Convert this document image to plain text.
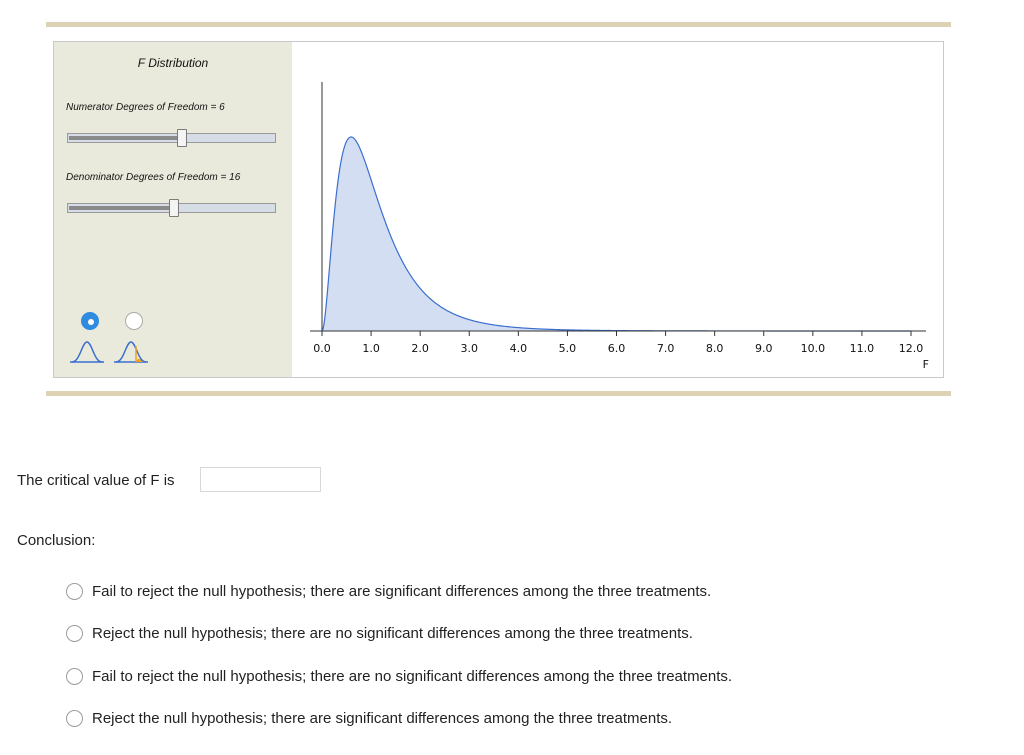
F Distribution
Numerator Degrees of Freedom = 6
Denominator Degrees of Freedom = 16
0.0	1.0	2.0	3.0	4.0	5.0	6.0	7.0	8.0	9.0	10.0 11.0 12.0
F
The critical value of F is
Conclusion:
Fail to reject the null hypothesis; there are significant differences among the three treatments.
Reject the null hypothesis; there are no significant differences among the three treatments.
Fail to reject the null hypothesis; there are no significant differences among the three treatments.
Reject the null hypothesis; there are significant differences among the three treatments.
